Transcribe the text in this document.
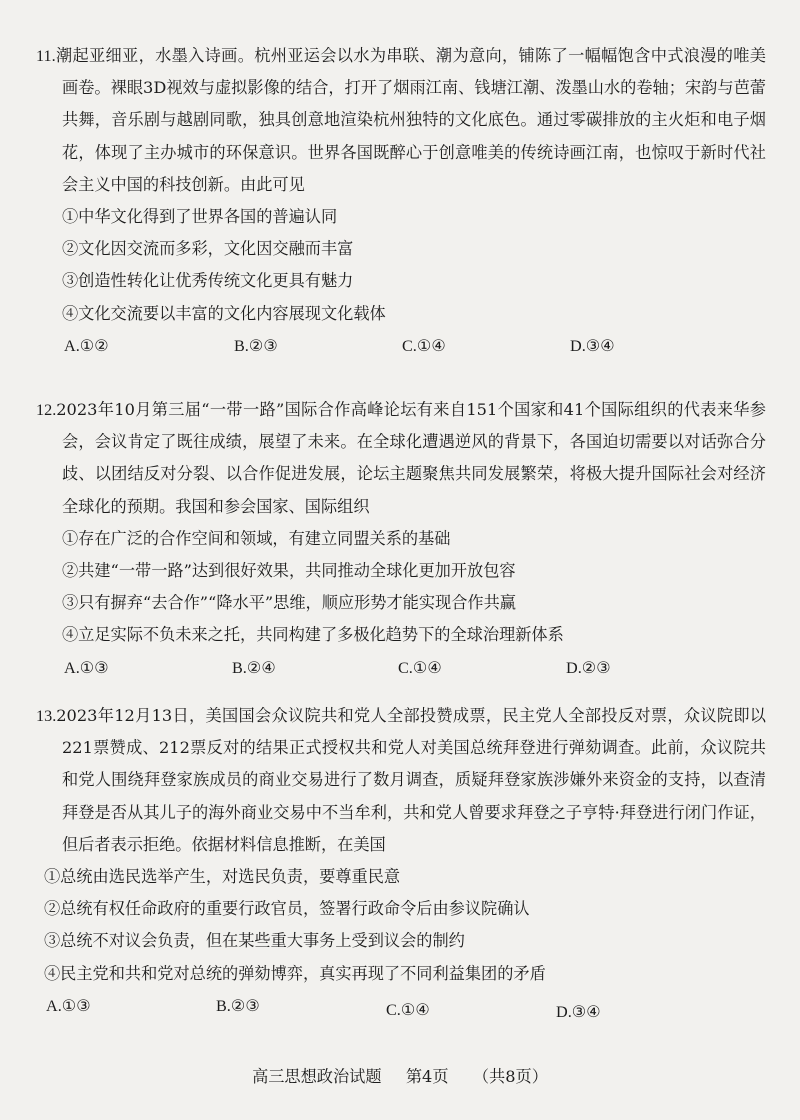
11.潮起亚细亚，水墨入诗画。杭州亚运会以水为串联、潮为意向，铺陈了一幅幅饱含中式浪漫的唯美画卷。裸眼3D视效与虚拟影像的结合，打开了烟雨江南、钱塘江潮、泼墨山水的卷轴；宋韵与芭蕾共舞，音乐剧与越剧同歌，独具创意地渲染杭州独特的文化底色。通过零碳排放的主火炬和电子烟花，体现了主办城市的环保意识。世界各国既醉心于创意唯美的传统诗画江南，也惊叹于新时代社会主义中国的科技创新。由此可见

①中华文化得到了世界各国的普遍认同

②文化因交流而多彩，文化因交融而丰富

③创造性转化让优秀传统文化更具有魅力

④文化交流要以丰富的文化内容展现文化载体

A.①②	B.②③	C.①④	D.③④

12.2023年10月第三届“一带一路”国际合作高峰论坛有来自151个国家和41个国际组织的代表来华参会，会议肯定了既往成绩，展望了未来。在全球化遭遇逆风的背景下，各国迫切需要以对话弥合分歧、以团结反对分裂、以合作促进发展，论坛主题聚焦共同发展繁荣，将极大提升国际社会对经济全球化的预期。我国和参会国家、国际组织

①存在广泛的合作空间和领域，有建立同盟关系的基础

②共建“一带一路”达到很好效果，共同推动全球化更加开放包容

③只有摒弃“去合作”“降水平”思维，顺应形势才能实现合作共赢

④立足实际不负未来之托，共同构建了多极化趋势下的全球治理新体系

A.①③	B.②④	C.①④	D.②③

13.2023年12月13日，美国国会众议院共和党人全部投赞成票，民主党人全部投反对票，众议院即以221票赞成、212票反对的结果正式授权共和党人对美国总统拜登进行弹劾调查。此前，众议院共和党人围绕拜登家族成员的商业交易进行了数月调查，质疑拜登家族涉嫌外来资金的支持，以查清拜登是否从其儿子的海外商业交易中不当牟利，共和党人曾要求拜登之子亨特·拜登进行闭门作证，但后者表示拒绝。依据材料信息推断，在美国

①总统由选民选举产生，对选民负责，要尊重民意

②总统有权任命政府的重要行政官员，签署行政命令后由参议院确认

③总统不对议会负责，但在某些重大事务上受到议会的制约

④民主党和共和党对总统的弹劾博弈，真实再现了不同利益集团的矛盾

A.①③	B.②③	C.①④	D.③④
高三思想政治试题 第4页 （共8页）
